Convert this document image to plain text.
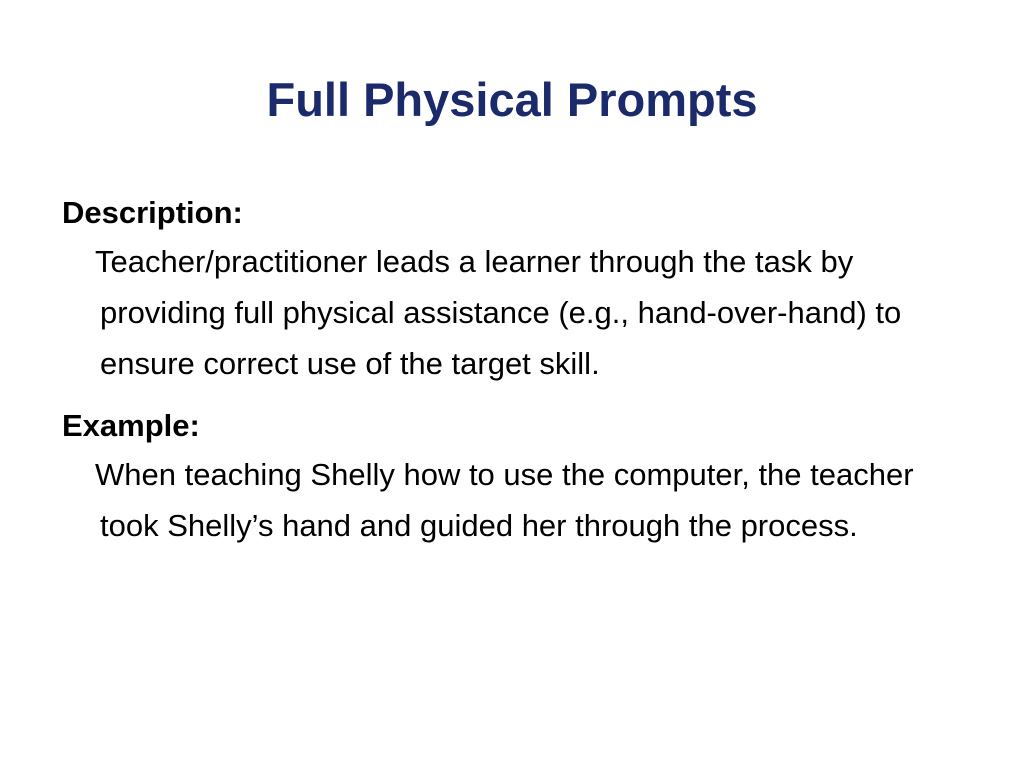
Full Physical Prompts

Description:

Teacher/practitioner leads a learner through the task by providing full physical assistance (e.g., hand-over-hand) to ensure correct use of the target skill.

Example:

When teaching Shelly how to use the computer, the teacher took Shelly’s hand and guided her through the process.
